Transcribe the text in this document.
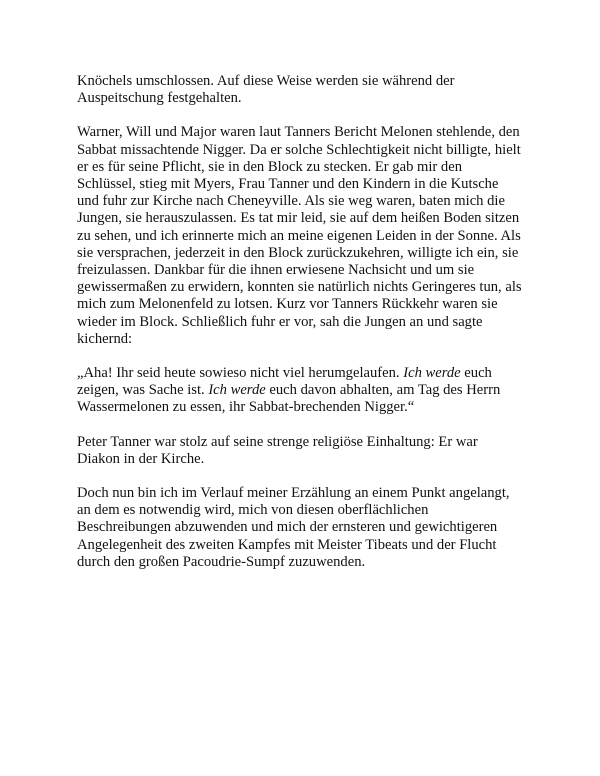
Knöchels umschlossen. Auf diese Weise werden sie während der
Auspeitschung festgehalten.

Warner, Will und Major waren laut Tanners Bericht Melonen stehlende, den
Sabbat missachtende Nigger. Da er solche Schlechtigkeit nicht billigte, hielt
er es für seine Pflicht, sie in den Block zu stecken. Er gab mir den
Schlüssel, stieg mit Myers, Frau Tanner und den Kindern in die Kutsche
und fuhr zur Kirche nach Cheneyville. Als sie weg waren, baten mich die
Jungen, sie herauszulassen. Es tat mir leid, sie auf dem heißen Boden sitzen
zu sehen, und ich erinnerte mich an meine eigenen Leiden in der Sonne. Als
sie versprachen, jederzeit in den Block zurückzukehren, willigte ich ein, sie
freizulassen. Dankbar für die ihnen erwiesene Nachsicht und um sie
gewissermaßen zu erwidern, konnten sie natürlich nichts Geringeres tun, als
mich zum Melonenfeld zu lotsen. Kurz vor Tanners Rückkehr waren sie
wieder im Block. Schließlich fuhr er vor, sah die Jungen an und sagte
kichernd:

„Aha! Ihr seid heute sowieso nicht viel herumgelaufen. Ich werde euch
zeigen, was Sache ist. Ich werde euch davon abhalten, am Tag des Herrn
Wassermelonen zu essen, ihr Sabbat-brechenden Nigger.“

Peter Tanner war stolz auf seine strenge religiöse Einhaltung: Er war
Diakon in der Kirche.

Doch nun bin ich im Verlauf meiner Erzählung an einem Punkt angelangt,
an dem es notwendig wird, mich von diesen oberflächlichen
Beschreibungen abzuwenden und mich der ernsteren und gewichtigeren
Angelegenheit des zweiten Kampfes mit Meister Tibeats und der Flucht
durch den großen Pacoudrie-Sumpf zuzuwenden.
